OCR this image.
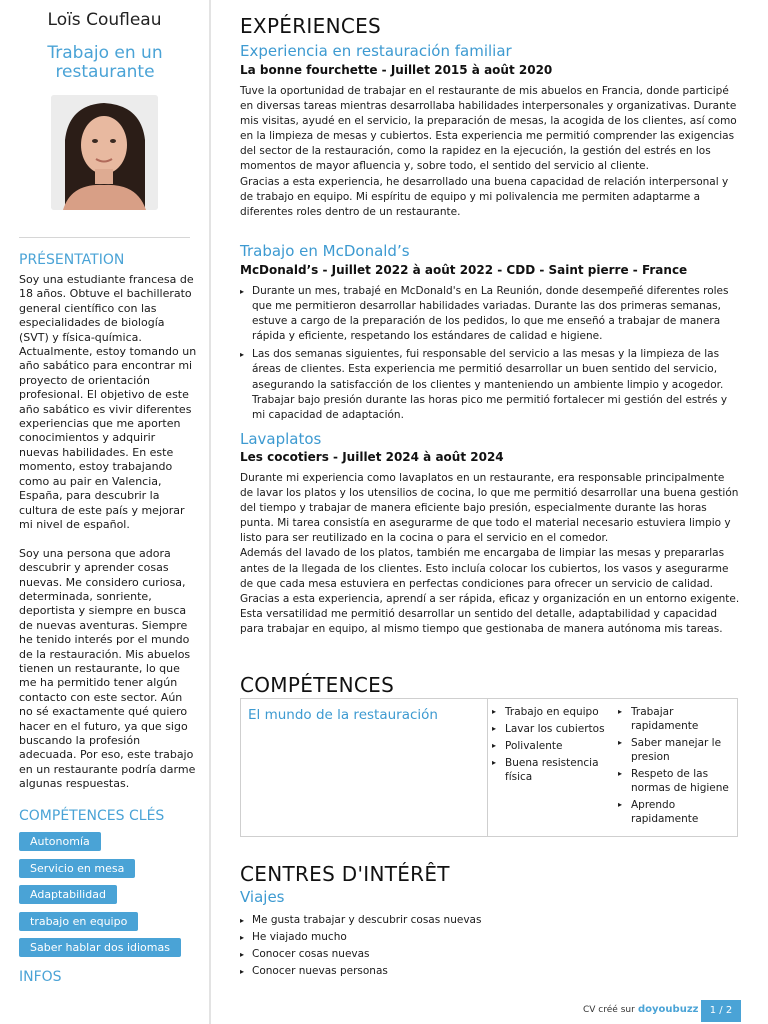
Loïs Coufleau
Trabajo en un restaurante
PRÉSENTATION
Soy una estudiante francesa de 18 años. Obtuve el bachillerato general científico con las especialidades de biología (SVT) y física-química. Actualmente, estoy tomando un año sabático para encontrar mi proyecto de orientación profesional. El objetivo de este año sabático es vivir diferentes experiencias que me aporten conocimientos y adquirir nuevas habilidades. En este momento, estoy trabajando como au pair en Valencia, España, para descubrir la cultura de este país y mejorar mi nivel de español.

Soy una persona que adora descubrir y aprender cosas nuevas. Me considero curiosa, determinada, sonriente, deportista y siempre en busca de nuevas aventuras. Siempre he tenido interés por el mundo de la restauración. Mis abuelos tienen un restaurante, lo que me ha permitido tener algún contacto con este sector. Aún no sé exactamente qué quiero hacer en el futuro, ya que sigo buscando la profesión adecuada. Por eso, este trabajo en un restaurante podría darme algunas respuestas.
COMPÉTENCES CLÉS
Autonomía
Servicio en mesa
Adaptabilidad
trabajo en equipo
Saber hablar dos idiomas
INFOS
EXPÉRIENCES
Experiencia en restauración familiar
La bonne fourchette - Juillet 2015 à août 2020
Tuve la oportunidad de trabajar en el restaurante de mis abuelos en Francia, donde participé en diversas tareas mientras desarrollaba habilidades interpersonales y organizativas. Durante mis visitas, ayudé en el servicio, la preparación de mesas, la acogida de los clientes, así como en la limpieza de mesas y cubiertos. Esta experiencia me permitió comprender las exigencias del sector de la restauración, como la rapidez en la ejecución, la gestión del estrés en los momentos de mayor afluencia y, sobre todo, el sentido del servicio al cliente.
Gracias a esta experiencia, he desarrollado una buena capacidad de relación interpersonal y de trabajo en equipo. Mi espíritu de equipo y mi polivalencia me permiten adaptarme a diferentes roles dentro de un restaurante.
Trabajo en McDonald’s
McDonald’s - Juillet 2022 à août 2022 - CDD - Saint pierre - France
▸ Durante un mes, trabajé en McDonald's en La Reunión, donde desempeñé diferentes roles que me permitieron desarrollar habilidades variadas. Durante las dos primeras semanas, estuve a cargo de la preparación de los pedidos, lo que me enseñó a trabajar de manera rápida y eficiente, respetando los estándares de calidad e higiene.
▸ Las dos semanas siguientes, fui responsable del servicio a las mesas y la limpieza de las áreas de clientes. Esta experiencia me permitió desarrollar un buen sentido del servicio, asegurando la satisfacción de los clientes y manteniendo un ambiente limpio y acogedor. Trabajar bajo presión durante las horas pico me permitió fortalecer mi gestión del estrés y mi capacidad de adaptación.
Lavaplatos
Les cocotiers - Juillet 2024 à août 2024
Durante mi experiencia como lavaplatos en un restaurante, era responsable principalmente de lavar los platos y los utensilios de cocina, lo que me permitió desarrollar una buena gestión del tiempo y trabajar de manera eficiente bajo presión, especialmente durante las horas punta. Mi tarea consistía en asegurarme de que todo el material necesario estuviera limpio y listo para ser reutilizado en la cocina o para el servicio en el comedor.
Además del lavado de los platos, también me encargaba de limpiar las mesas y prepararlas antes de la llegada de los clientes. Esto incluía colocar los cubiertos, los vasos y asegurarme de que cada mesa estuviera en perfectas condiciones para ofrecer un servicio de calidad.
Gracias a esta experiencia, aprendí a ser rápida, eficaz y organización en un entorno exigente.
Esta versatilidad me permitió desarrollar un sentido del detalle, adaptabilidad y capacidad para trabajar en equipo, al mismo tiempo que gestionaba de manera autónoma mis tareas.
COMPÉTENCES
El mundo de la restauración	▸ Trabajo en equipo
▸ Lavar los cubiertos
▸ Polivalente
▸ Buena resistencia física
▸ Trabajar rapidamente
▸ Saber manejar le presion
▸ Respeto de las normas de higiene
▸ Aprendo rapidamente
CENTRES D'INTÉRÊT
Viajes
▸ Me gusta trabajar y descubrir cosas nuevas
▸ He viajado mucho
▸ Conocer cosas nuevas
▸ Conocer nuevas personas
CV créé sur doyoubuzz	1 / 2
